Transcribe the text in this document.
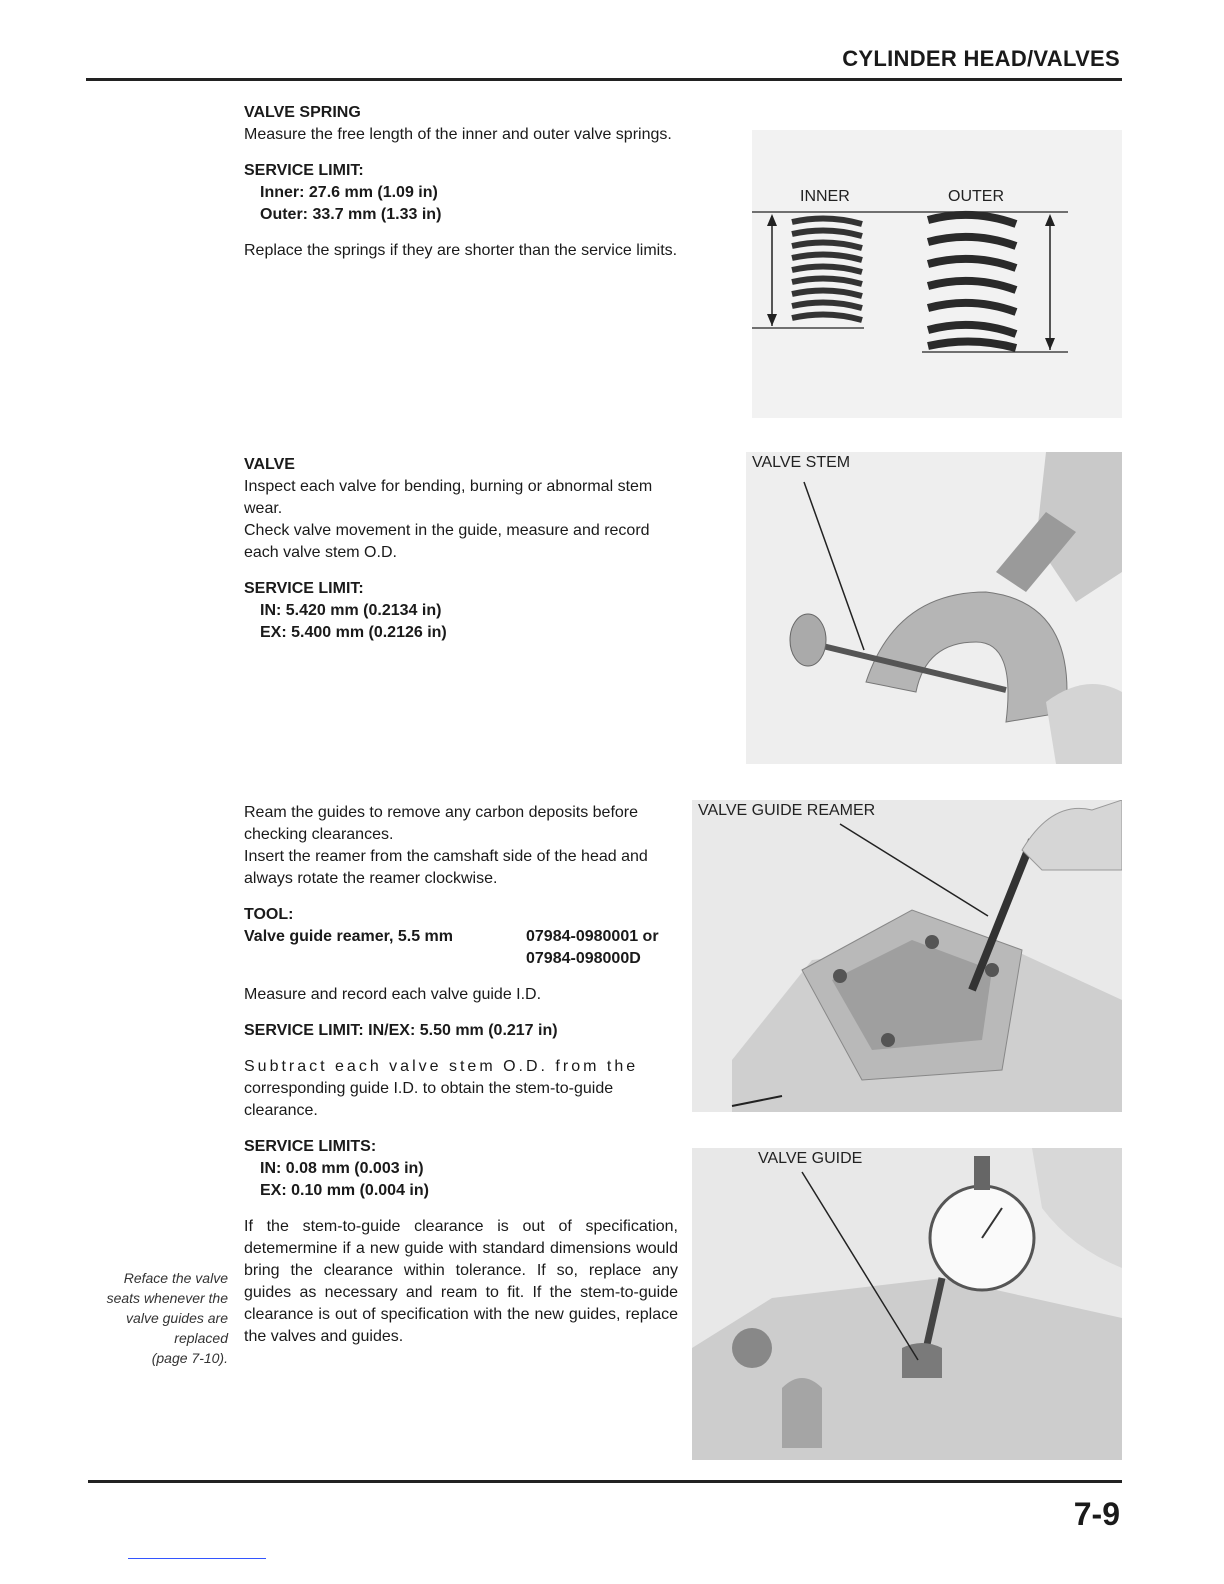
CYLINDER HEAD/VALVES
VALVE SPRING
Measure the free length of the inner and outer valve springs.
SERVICE LIMIT:
Inner: 27.6 mm (1.09 in)
Outer: 33.7 mm (1.33 in)
Replace the springs if they are shorter than the service limits.
VALVE
Inspect each valve for bending, burning or abnormal stem wear.
Check valve movement in the guide, measure and record each valve stem O.D.
SERVICE LIMIT:
IN: 5.420 mm (0.2134 in)
EX: 5.400 mm (0.2126 in)
Ream the guides to remove any carbon deposits before checking clearances.
Insert the reamer from the camshaft side of the head and always rotate the reamer clockwise.
TOOL:
Valve guide reamer, 5.5 mm	07984-0980001 or
07984-098000D
Measure and record each valve guide I.D.
SERVICE LIMIT: IN/EX: 5.50 mm (0.217 in)
Subtract each valve stem O.D. from the
corresponding guide I.D. to obtain the stem-to-guide clearance.
SERVICE LIMITS:
IN: 0.08 mm (0.003 in)
EX: 0.10 mm (0.004 in)
If the stem-to-guide clearance is out of specification, detemermine if a new guide with standard dimensions would bring the clearance within tolerance. If so, replace any guides as necessary and ream to fit. If the stem-to-guide clearance is out of specification with the new guides, replace the valves and guides.
Reface the valve
seats whenever the
valve guides are
replaced
(page 7-10).
INNER	OUTER
VALVE STEM
VALVE GUIDE REAMER
VALVE GUIDE
7-9
